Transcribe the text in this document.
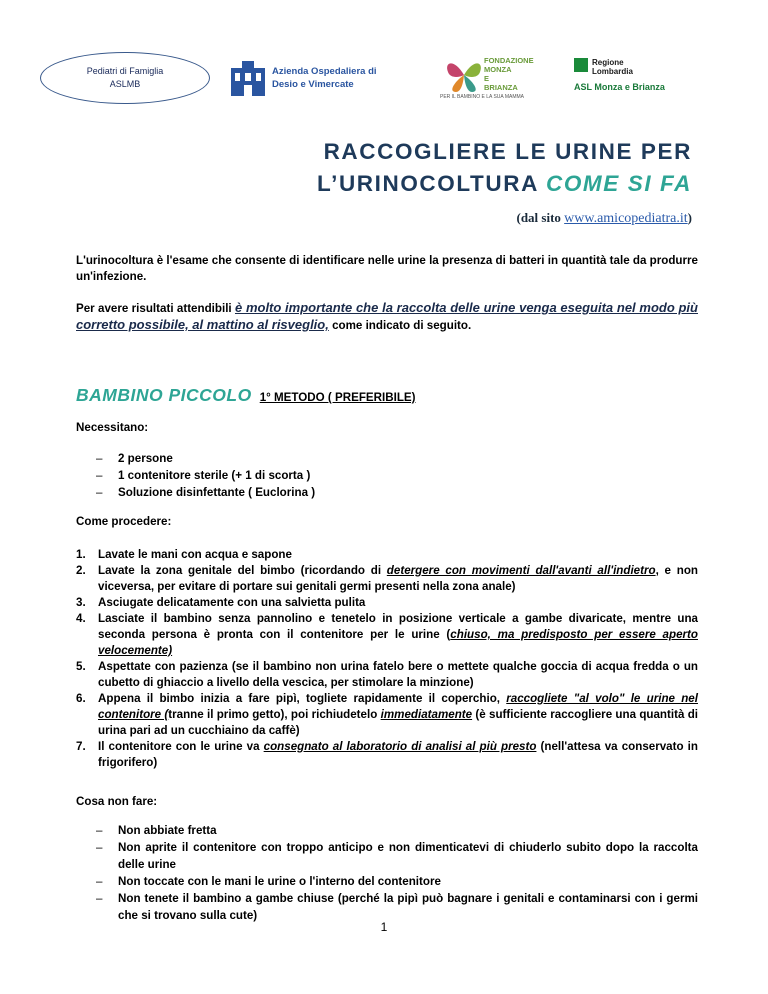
Pediatri di Famiglia
ASLMB
Azienda Ospedaliera di
Desio e Vimercate
FONDAZIONE
MONZA
E
BRIANZA
PER IL BAMBINO E LA SUA MAMMA
Regione
Lombardia
ASL Monza e Brianza
RACCOGLIERE LE URINE PER
L’URINOCOLTURA COME SI FA
(dal sito www.amicopediatra.it)
L'urinocoltura è l'esame che consente di identificare nelle urine la presenza di batteri in quantità tale da produrre un'infezione.
Per avere risultati attendibili è molto importante che la raccolta delle urine venga eseguita nel modo più corretto possibile, al mattino al risveglio, come indicato di seguito.
BAMBINO PICCOLO 1° METODO ( PREFERIBILE)
Necessitano:
– 2 persone
– 1 contenitore sterile (+ 1 di scorta )
– Soluzione disinfettante ( Euclorina )
Come procedere:
1. Lavate le mani con acqua e sapone
2. Lavate la zona genitale del bimbo (ricordando di detergere con movimenti dall'avanti all'indietro, e non viceversa, per evitare di portare sui genitali germi presenti nella zona anale)
3. Asciugate delicatamente con una salvietta pulita
4. Lasciate il bambino senza pannolino e tenetelo in posizione verticale a gambe divaricate, mentre una seconda persona è pronta con il contenitore per le urine (chiuso, ma predisposto per essere aperto velocemente)
5. Aspettate con pazienza (se il bambino non urina fatelo bere o mettete qualche goccia di acqua fredda o un cubetto di ghiaccio a livello della vescica, per stimolare la minzione)
6. Appena il bimbo inizia a fare pipì, togliete rapidamente il coperchio, raccogliete "al volo" le urine nel contenitore (tranne il primo getto), poi richiudetelo immediatamente (è sufficiente raccogliere una quantità di urina pari ad un cucchiaino da caffè)
7. Il contenitore con le urine va consegnato al laboratorio di analisi al più presto (nell'attesa va conservato in frigorifero)
Cosa non fare:
– Non abbiate fretta
– Non aprite il contenitore con troppo anticipo e non dimenticatevi di chiuderlo subito dopo la raccolta delle urine
– Non toccate con le mani le urine o l'interno del contenitore
– Non tenete il bambino a gambe chiuse (perché la pipì può bagnare i genitali e contaminarsi con i germi che si trovano sulla cute)
1
